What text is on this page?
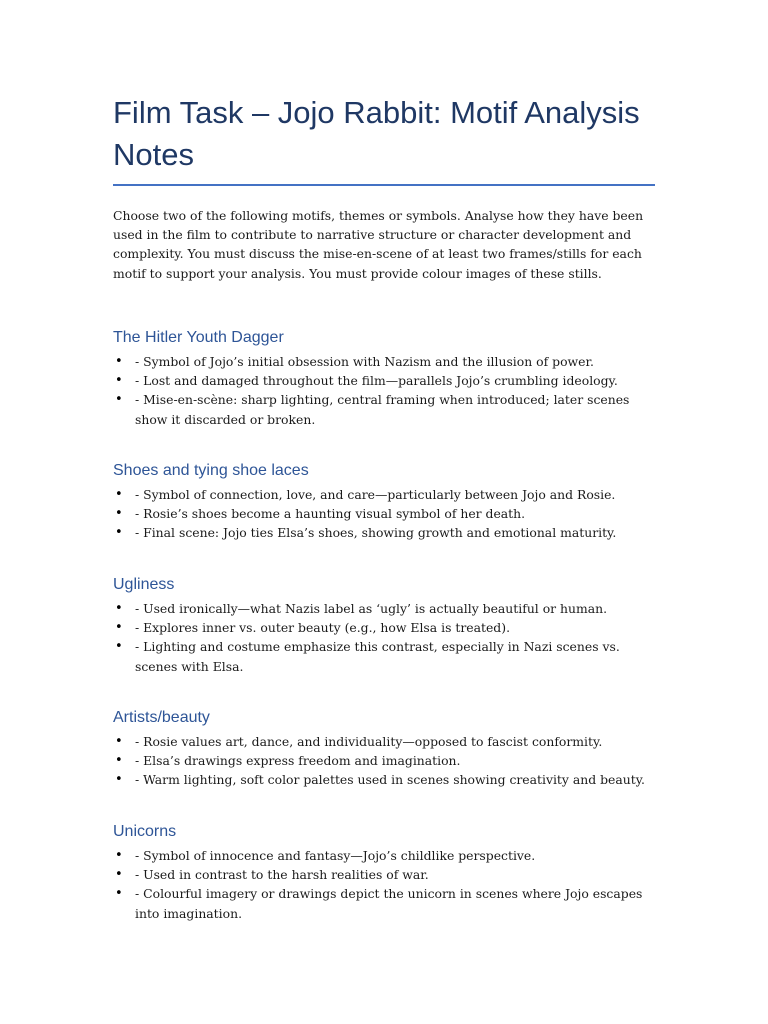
Film Task – Jojo Rabbit: Motif Analysis Notes

Choose two of the following motifs, themes or symbols. Analyse how they have been used in the film to contribute to narrative structure or character development and complexity. You must discuss the mise-en-scene of at least two frames/stills for each motif to support your analysis. You must provide colour images of these stills.

The Hitler Youth Dagger
• - Symbol of Jojo’s initial obsession with Nazism and the illusion of power.
• - Lost and damaged throughout the film—parallels Jojo’s crumbling ideology.
• - Mise-en-scène: sharp lighting, central framing when introduced; later scenes show it discarded or broken.
Shoes and tying shoe laces
• - Symbol of connection, love, and care—particularly between Jojo and Rosie.
• - Rosie’s shoes become a haunting visual symbol of her death.
• - Final scene: Jojo ties Elsa’s shoes, showing growth and emotional maturity.
Ugliness
• - Used ironically—what Nazis label as ‘ugly’ is actually beautiful or human.
• - Explores inner vs. outer beauty (e.g., how Elsa is treated).
• - Lighting and costume emphasize this contrast, especially in Nazi scenes vs. scenes with Elsa.
Artists/beauty
• - Rosie values art, dance, and individuality—opposed to fascist conformity.
• - Elsa’s drawings express freedom and imagination.
• - Warm lighting, soft color palettes used in scenes showing creativity and beauty.
Unicorns
• - Symbol of innocence and fantasy—Jojo’s childlike perspective.
• - Used in contrast to the harsh realities of war.
• - Colourful imagery or drawings depict the unicorn in scenes where Jojo escapes into imagination.
